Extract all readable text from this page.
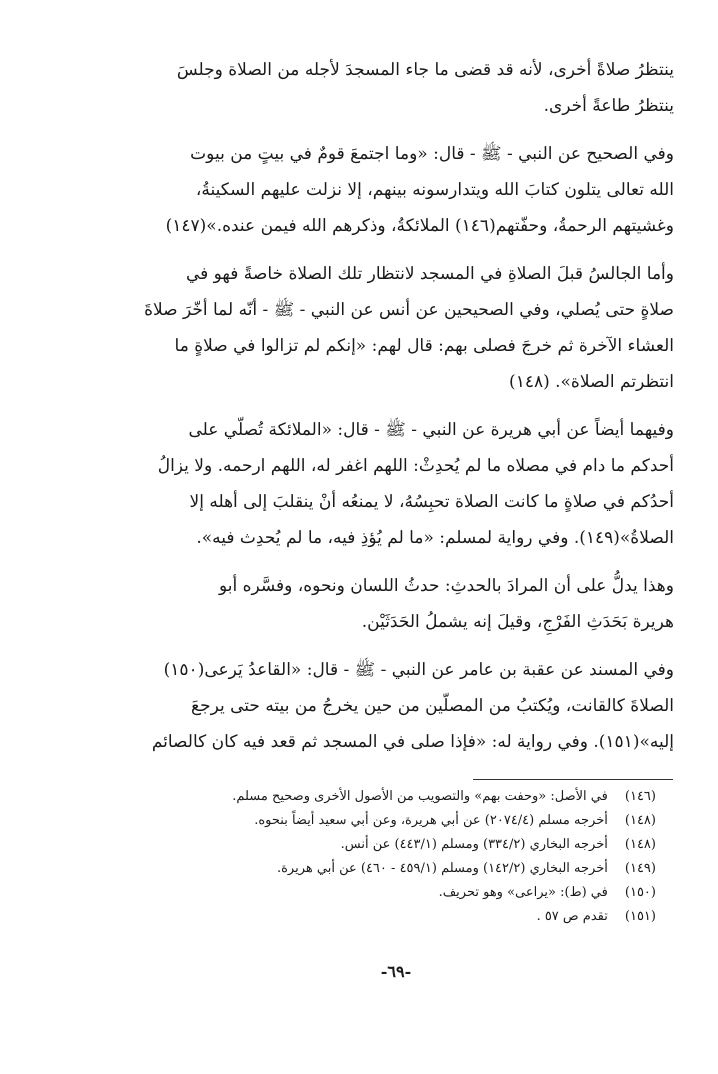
ينتظرُ صلاةً أخرى، لأنه قد قضى ما جاء المسجدَ لأجله من الصلاة وجلسَ

ينتظرُ طاعةً أخرى.

وفي الصحيح عن النبي - ﷺ - قال: «وما اجتمعَ قومٌ في بيتٍ من بيوت

الله تعالى يتلون كتابَ الله ويتدارسونه بينهم، إلا نزلت عليهم السكينةُ،

وغشيتهم الرحمةُ، وحفّتهم(١٤٦) الملائكةُ، وذكرهم الله فيمن عنده.»(١٤٧)

وأما الجالسُ قبلَ الصلاةِ في المسجد لانتظار تلك الصلاة خاصةً فهو في

صلاةٍ حتى يُصلي، وفي الصحيحين عن أنس عن النبي - ﷺ - أنّه لما أخّرَ صلاةَ

العشاء الآخرة ثم خرجَ فصلى بهم: قال لهم: «إنكم لم تزالوا في صلاةٍ ما

انتظرتم الصلاة». (١٤٨)

وفيهما أيضاً عن أبي هريرة عن النبي - ﷺ - قال: «الملائكة تُصلّي على

أحدكم ما دام في مصلاه ما لم يُحدِثْ: اللهم اغفر له، اللهم ارحمه. ولا يزالُ

أحدُكم في صلاةٍ ما كانت الصلاة تحبِسُهُ، لا يمنعُه أنْ ينقلبَ إلى أهله إلا

الصلاةُ»(١٤٩). وفي رواية لمسلم: «ما لم يُؤذِ فيه، ما لم يُحدِث فيه».

وهذا يدلُّ على أن المرادَ بالحدثِ: حدثُ اللسان ونحوه، وفسَّره أبو

هريرة بَحَدَثِ الفَرْجِ، وقيلَ إنه يشملُ الحَدَثَيْن.

وفي المسند عن عقبة بن عامر عن النبي - ﷺ - قال: «القاعدُ يَرعى(١٥٠)

الصلاةَ كالقانت، ويُكتبُ من المصلّين من حين يخرجُ من بيته حتى يرجعَ

إليه»(١٥١). وفي رواية له: «فإذا صلى في المسجد ثم قعد فيه كان كالصائم

(١٤٦) في الأصل: «وحفت بهم» والتصويب من الأصول الأخرى وصحيح مسلم.
(١٤٨) أخرجه مسلم (٢٠٧٤/٤) عن أبي هريرة، وعن أبي سعيد أيضاً بنحوه.
(١٤٨) أخرجه البخاري (٣٣٤/٢) ومسلم (٤٤٣/١) عن أنس.
(١٤٩) أخرجه البخاري (١٤٢/٢) ومسلم (٤٥٩/١ - ٤٦٠) عن أبي هريرة.
(١٥٠) في (ط): «يراعى» وهو تحريف.
(١٥١) تقدم ص ٥٧ .
-٦٩-
